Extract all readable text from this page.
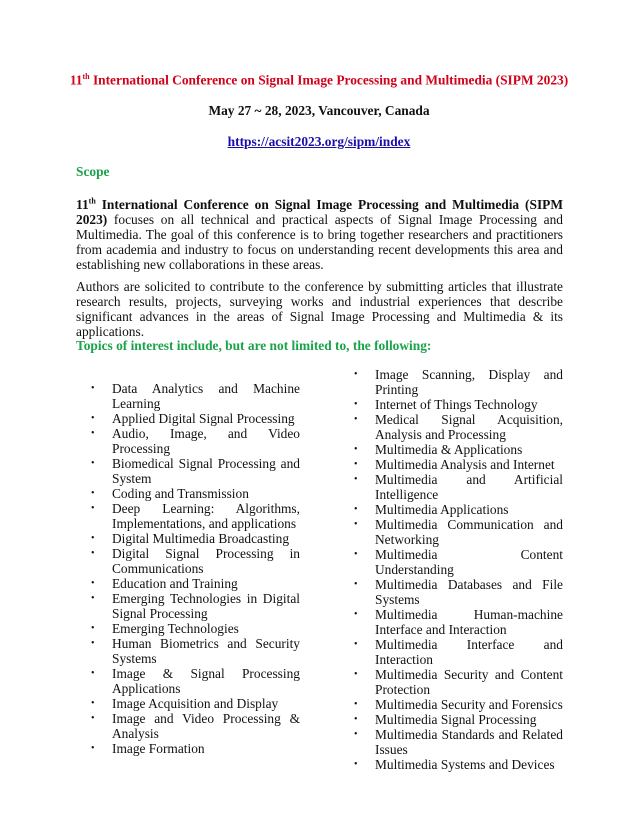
11th International Conference on Signal Image Processing and Multimedia (SIPM 2023)
May 27 ~ 28, 2023, Vancouver, Canada
https://acsit2023.org/sipm/index
Scope
11th International Conference on Signal Image Processing and Multimedia (SIPM 2023) focuses on all technical and practical aspects of Signal Image Processing and Multimedia. The goal of this conference is to bring together researchers and practitioners from academia and industry to focus on understanding recent developments this area and establishing new collaborations in these areas.
Authors are solicited to contribute to the conference by submitting articles that illustrate research results, projects, surveying works and industrial experiences that describe significant advances in the areas of Signal Image Processing and Multimedia & its applications.
Topics of interest include, but are not limited to, the following:
• Data Analytics and Machine Learning
• Applied Digital Signal Processing
• Audio, Image, and Video Processing
• Biomedical Signal Processing and System
• Coding and Transmission
• Deep Learning: Algorithms, Implementations, and applications
• Digital Multimedia Broadcasting
• Digital Signal Processing in Communications
• Education and Training
• Emerging Technologies in Digital Signal Processing
• Emerging Technologies
• Human Biometrics and Security Systems
• Image & Signal Processing Applications
• Image Acquisition and Display
• Image and Video Processing & Analysis
• Image Formation
• Image Scanning, Display and Printing
• Internet of Things Technology
• Medical Signal Acquisition, Analysis and Processing
• Multimedia & Applications
• Multimedia Analysis and Internet
• Multimedia and Artificial Intelligence
• Multimedia Applications
• Multimedia Communication and Networking
• Multimedia Content Understanding
• Multimedia Databases and File Systems
• Multimedia Human-machine Interface and Interaction
• Multimedia Interface and Interaction
• Multimedia Security and Content Protection
• Multimedia Security and Forensics
• Multimedia Signal Processing
• Multimedia Standards and Related Issues
• Multimedia Systems and Devices
